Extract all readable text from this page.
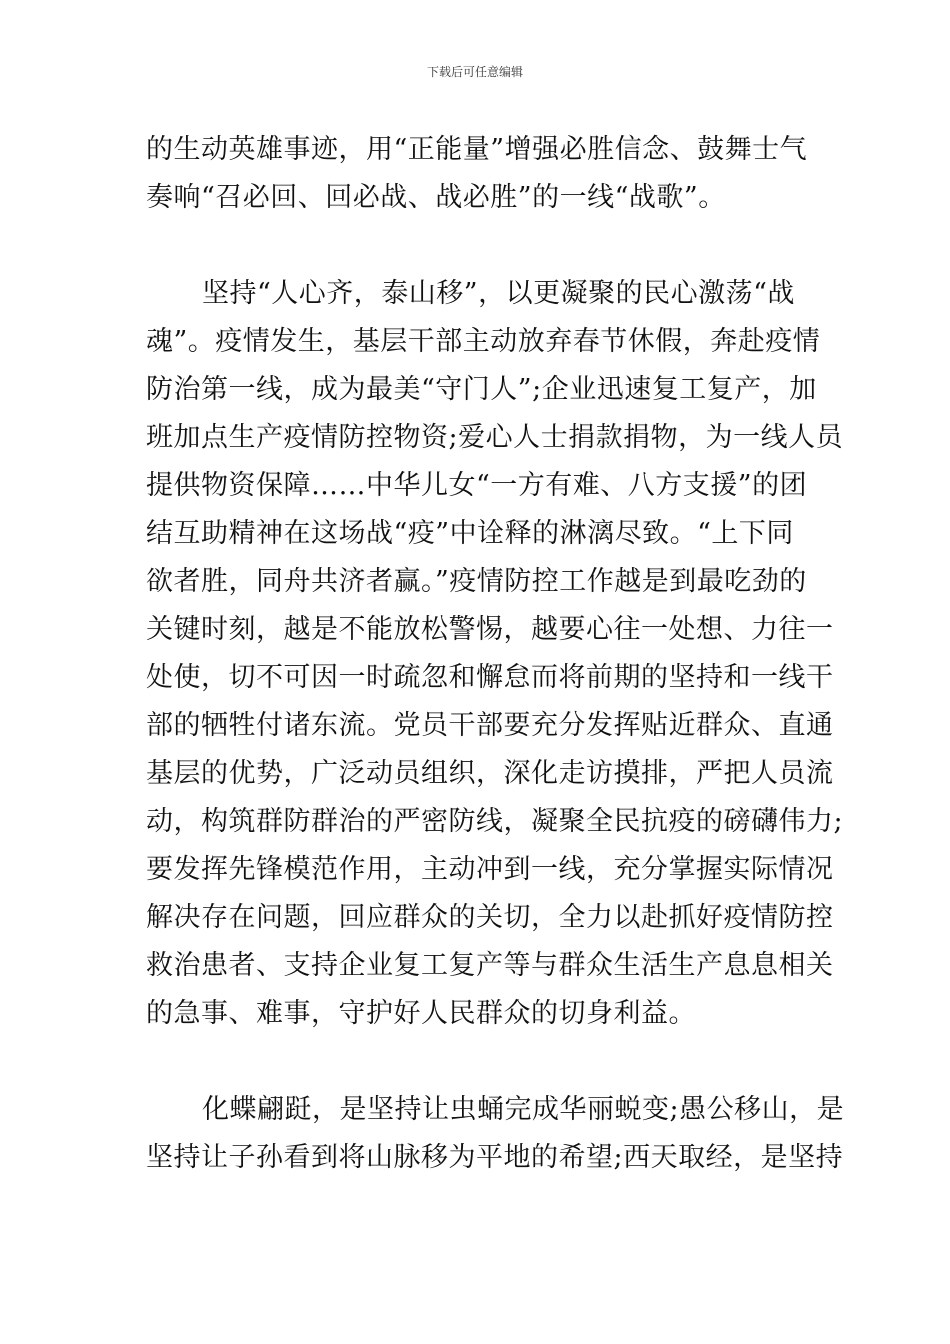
下载后可任意编辑
的生动英雄事迹，用“正能量”增强必胜信念、鼓舞士气
奏响“召必回、回必战、战必胜”的一线“战歌”。
坚持“人心齐，泰山移”，以更凝聚的民心激荡“战
魂”。疫情发生，基层干部主动放弃春节休假，奔赴疫情
防治第一线，成为最美“守门人”;企业迅速复工复产，加
班加点生产疫情防控物资;爱心人士捐款捐物，为一线人员
提供物资保障……中华儿女“一方有难、八方支援”的团
结互助精神在这场战“疫”中诠释的淋漓尽致。“上下同
欲者胜，同舟共济者赢。”疫情防控工作越是到最吃劲的
关键时刻，越是不能放松警惕，越要心往一处想、力往一
处使，切不可因一时疏忽和懈怠而将前期的坚持和一线干
部的牺牲付诸东流。党员干部要充分发挥贴近群众、直通
基层的优势，广泛动员组织，深化走访摸排，严把人员流
动，构筑群防群治的严密防线，凝聚全民抗疫的磅礴伟力;
要发挥先锋模范作用，主动冲到一线，充分掌握实际情况
解决存在问题，回应群众的关切，全力以赴抓好疫情防控
救治患者、支持企业复工复产等与群众生活生产息息相关
的急事、难事，守护好人民群众的切身利益。
化蝶翩跹，是坚持让虫蛹完成华丽蜕变;愚公移山，是
坚持让子孙看到将山脉移为平地的希望;西天取经，是坚持
